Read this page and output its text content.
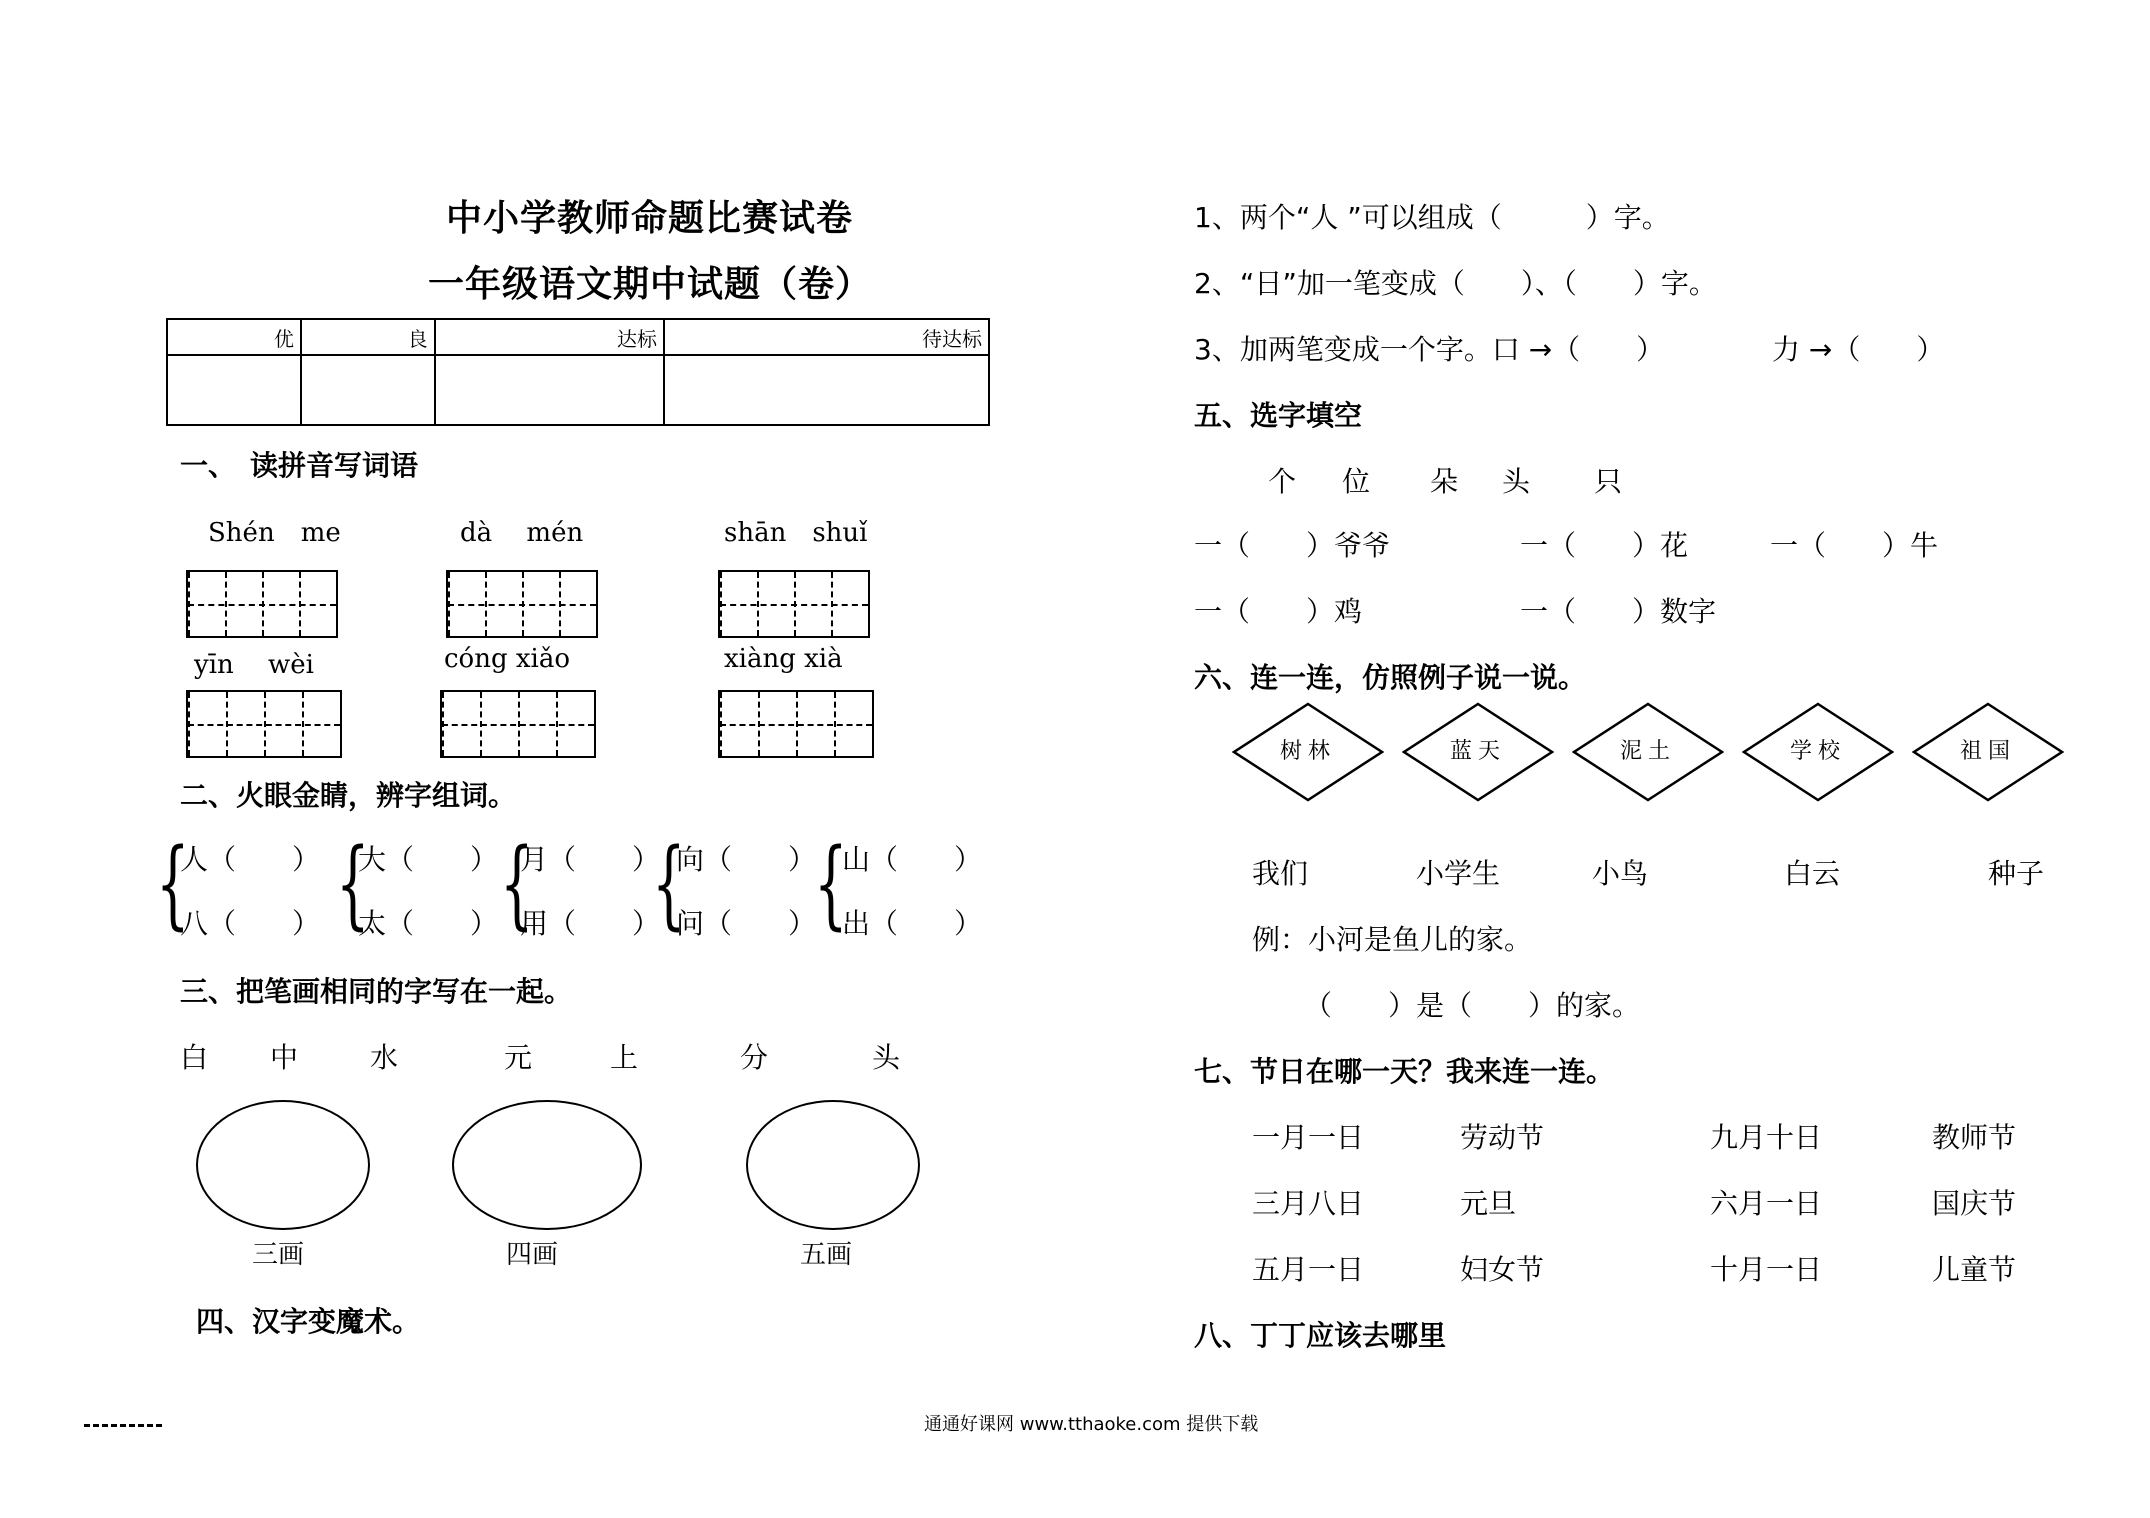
中小学教师命题比赛试卷
一年级语文期中试题（卷）
优	良	达标	待达标

一、　读拼音写词语
Shén　me	dà　 mén	shān　shuǐ
yīn　 wèi	cóng xiǎo	xiàng xià
二、火眼金睛，辨字组词。
{ { { { {
人（　　） 大（　　） 月（　　） 向（　　） 山（　　）
八（　　） 太（　　） 用（　　） 问（　　） 出（　　）
三、把笔画相同的字写在一起。
白 中	水	元	上	分	头
三画	四画	五画
四、汉字变魔术。
1、两个“人 ”可以组成（　　　）字。
2、“日”加一笔变成（　　）、（　　）字。
3、加两笔变成一个字。口 →（　　）	力 →（　　）
五、选字填空
个 位 朵 头 只
一（　　）爷爷	一（　　）花	一（　　）牛
一（　　）鸡	一（　　）数字
六、连一连，仿照例子说一说。
树林	蓝天	泥土	学校	祖国
我们	小学生	小鸟	白云	种子
例：小河是鱼儿的家。
（　　）是（　　）的家。
七、节日在哪一天？我来连一连。
一月一日	劳动节	九月十日	教师节
三月八日	元旦	六月一日	国庆节
五月一日	妇女节	十月一日	儿童节
八、丁丁应该去哪里
通通好课网 www.tthaoke.com 提供下载
